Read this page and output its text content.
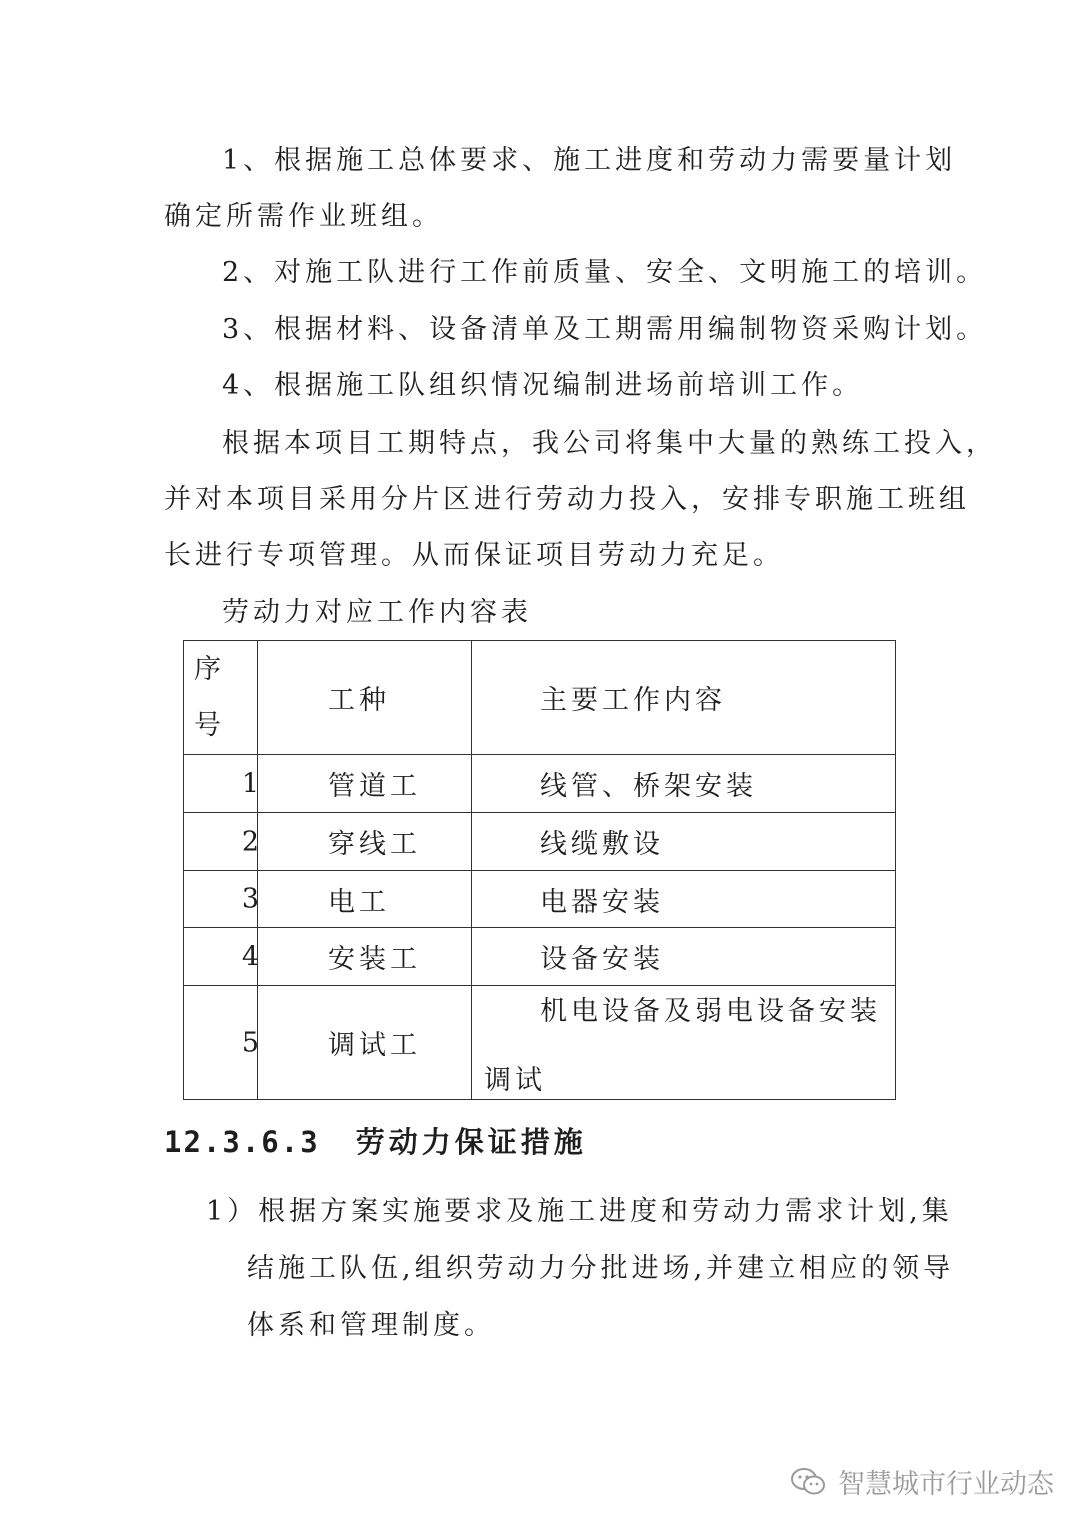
1、根据施工总体要求、施工进度和劳动力需要量计划

确定所需作业班组。

2、对施工队进行工作前质量、安全、文明施工的培训。

3、根据材料、设备清单及工期需用编制物资采购计划。

4、根据施工队组织情况编制进场前培训工作。

根据本项目工期特点，我公司将集中大量的熟练工投入，

并对本项目采用分片区进行劳动力投入，安排专职施工班组

长进行专项管理。从而保证项目劳动力充足。

劳动力对应工作内容表

序
号	工种	主要工作内容

1	管道工	线管、桥架安装

2	穿线工	线缆敷设

3	电工	电器安装

4	安装工	设备安装

5	调试工	机电设备及弱电设备安装
调试
12.3.6.3 劳动力保证措施

1）根据方案实施要求及施工进度和劳动力需求计划,集

结施工队伍,组织劳动力分批进场,并建立相应的领导

体系和管理制度。

智慧城市行业动态
